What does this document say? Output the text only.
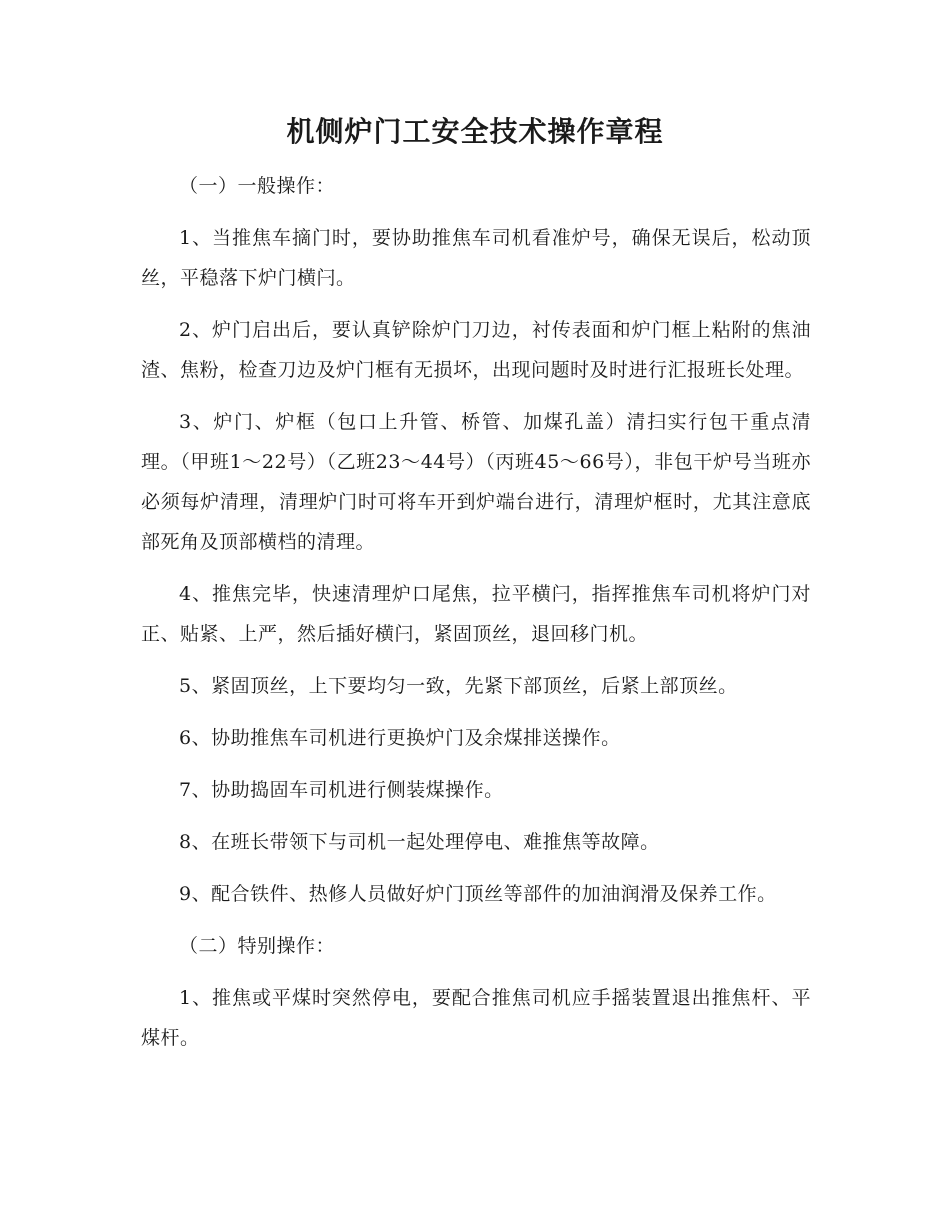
机侧炉门工安全技术操作章程

（一）一般操作：

1、当推焦车摘门时，要协助推焦车司机看准炉号，确保无误后，松动顶丝，平稳落下炉门横闩。

2、炉门启出后，要认真铲除炉门刀边，衬传表面和炉门框上粘附的焦油渣、焦粉，检查刀边及炉门框有无损坏，出现问题时及时进行汇报班长处理。

3、炉门、炉框（包口上升管、桥管、加煤孔盖）清扫实行包干重点清理。（甲班1～22号）（乙班23～44号）（丙班45～66号），非包干炉号当班亦必须每炉清理，清理炉门时可将车开到炉端台进行，清理炉框时，尤其注意底部死角及顶部横档的清理。

4、推焦完毕，快速清理炉口尾焦，拉平横闩，指挥推焦车司机将炉门对正、贴紧、上严，然后插好横闩，紧固顶丝，退回移门机。

5、紧固顶丝，上下要均匀一致，先紧下部顶丝，后紧上部顶丝。

6、协助推焦车司机进行更换炉门及余煤排送操作。

7、协助捣固车司机进行侧装煤操作。

8、在班长带领下与司机一起处理停电、难推焦等故障。

9、配合铁件、热修人员做好炉门顶丝等部件的加油润滑及保养工作。

（二）特别操作：

1、推焦或平煤时突然停电，要配合推焦司机应手摇装置退出推焦杆、平煤杆。
